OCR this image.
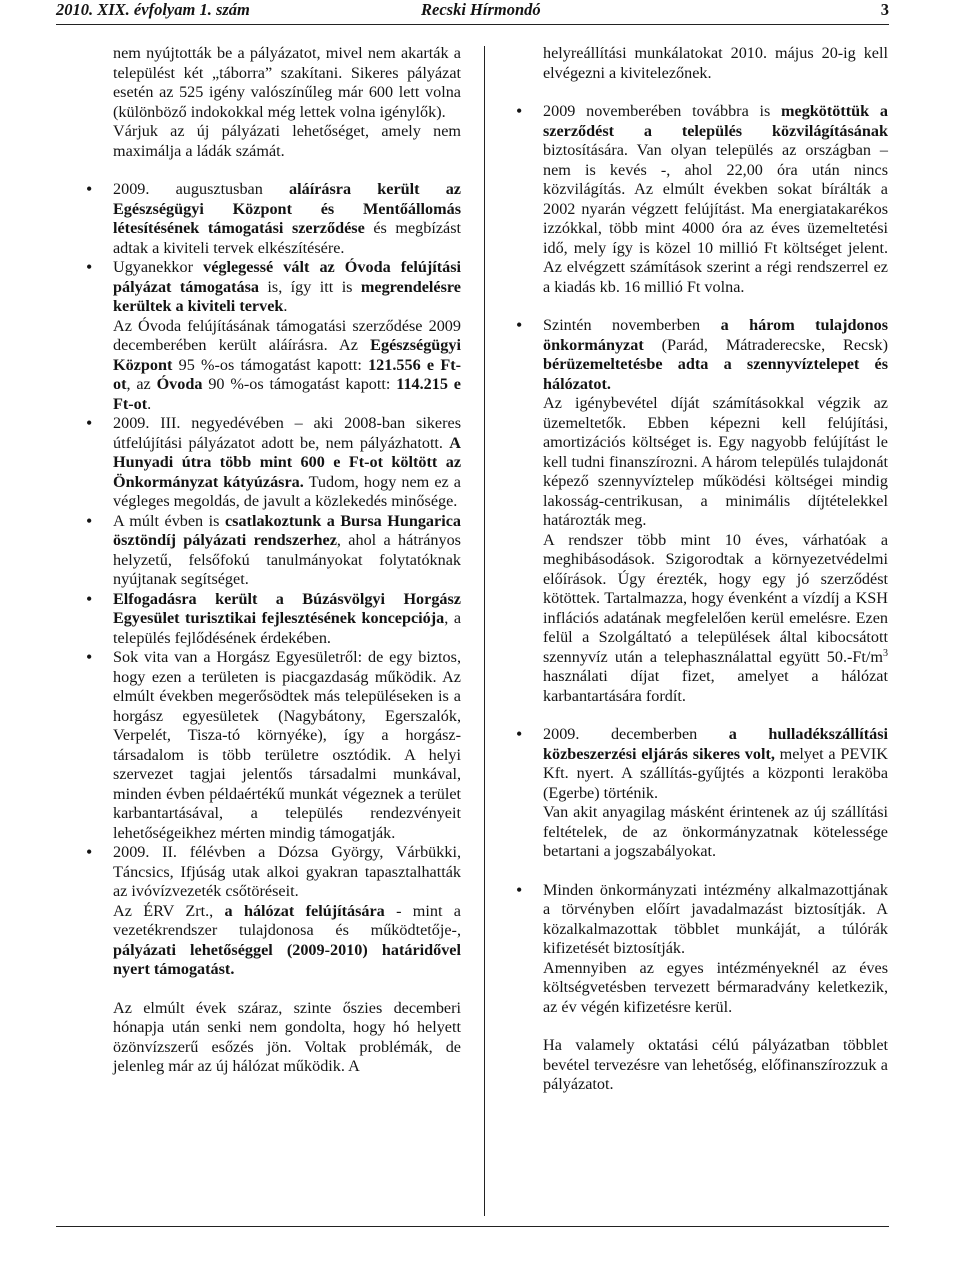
2010. XIX. évfolyam 1. szám	Recski Hírmondó	3

nem nyújtották be a pályázatot, mivel nem akarták a települést két „táborra” szakítani. Sikeres pályázat esetén az 525 igény valószínűleg már 600 lett volna (különböző indokokkal még lettek volna igénylők).

Várjuk az új pályázati lehetőséget, amely nem maximálja a ládák számát.

• 2009. augusztusban aláírásra került az Egészségügyi Központ és Mentőállomás létesítésének támogatási szerződése és megbízást adtak a kiviteli tervek elkészítésére.
• Ugyanekkor véglegessé vált az Óvoda felújítási pályázat támogatása is, így itt is megrendelésre kerültek a kiviteli tervek.

Az Óvoda felújításának támogatási szerződése 2009 decemberében került aláírásra. Az Egészségügyi Központ 95 %-os támogatást kapott: 121.556 e Ft-ot, az Óvoda 90 %-os támogatást kapott: 114.215 e Ft-ot.

• 2009. III. negyedévében – aki 2008-ban sikeres útfelújítási pályázatot adott be, nem pályázhatott. A Hunyadi útra több mint 600 e Ft-ot költött az Önkormányzat kátyúzásra. Tudom, hogy nem ez a végleges megoldás, de javult a közlekedés minősége.
• A múlt évben is csatlakoztunk a Bursa Hungarica ösztöndíj pályázati rendszerhez, ahol a hátrányos helyzetű, felsőfokú tanulmányokat folytatóknak nyújtanak segítséget.
• Elfogadásra került a Búzásvölgyi Horgász Egyesület turisztikai fejlesztésének koncepciója, a település fejlődésének érdekében.
• Sok vita van a Horgász Egyesületről: de egy biztos, hogy ezen a területen is piacgazdaság működik. Az elmúlt években megerősödtek más településeken is a horgász egyesületek (Nagybátony, Egerszalók, Verpelét, Tisza-tó környéke), így a horgász-társadalom is több területre osztódik. A helyi szervezet tagjai jelentős társadalmi munkával, minden évben példaértékű munkát végeznek a terület karbantartásával, a település rendezvényeit lehetőségeikhez mérten mindig támogatják.
• 2009. II. félévben a Dózsa György, Várbükki, Táncsics, Ifjúság utak alkoi gyakran tapasztalhatták az ivóvízvezeték csőtöréseit.

Az ÉRV Zrt., a hálózat felújítására - mint a vezetékrendszer tulajdonosa és működtetője-, pályázati lehetőséggel (2009-2010) határidővel nyert támogatást.

Az elmúlt évek száraz, szinte őszies decemberi hónapja után senki nem gondolta, hogy hó helyett özönvízszerű esőzés jön. Voltak problémák, de jelenleg már az új hálózat működik. A

helyreállítási munkálatokat 2010. május 20-ig kell elvégezni a kivitelezőnek.

• 2009 novemberében továbbra is megkötöttük a szerződést a település közvilágításának biztosítására. Van olyan település az országban – nem is kevés -, ahol 22,00 óra után nincs közvilágítás. Az elmúlt években sokat bírálták a 2002 nyarán végzett felújítást. Ma energiatakarékos izzókkal, több mint 4000 óra az éves üzemeltetési idő, mely így is közel 10 millió Ft költséget jelent. Az elvégzett számítások szerint a régi rendszerrel ez a kiadás kb. 16 millió Ft volna.
• Szintén novemberben a három tulajdonos önkormányzat (Parád, Mátraderecske, Recsk) bérüzemeltetésbe adta a szennyvíztelepet és hálózatot.

Az igénybevétel díját számításokkal végzik az üzemeltetők. Ebben képezni kell felújítási, amortizációs költséget is. Egy nagyobb felújítást le kell tudni finanszírozni. A három település tulajdonát képező szennyvíztelep működési költségei mindig lakosság-centrikusan, a minimális díjtételekkel határozták meg.

A rendszer több mint 10 éves, várhatóak a meghibásodások. Szigorodtak a környezetvédelmi előírások. Úgy érezték, hogy egy jó szerződést kötöttek. Tartalmazza, hogy évenként a vízdíj a KSH inflációs adatának megfelelően kerül emelésre. Ezen felül a Szolgáltató a települések által kibocsátott szennyvíz után a telephasználattal együtt $50.-Ft/m^3$ használati díjat fizet, amelyet a hálózat karbantartására fordít.

• 2009. decemberben a hulladékszállítási közbeszerzési eljárás sikeres volt, melyet a PEVIK Kft. nyert. A szállítás-gyűjtés a központi leraköba (Egerbe) történik.

Van akit anyagilag másként érintenek az új szállítási feltételek, de az önkormányzatnak kötelessége betartani a jogszabályokat.

• Minden önkormányzati intézmény alkalmazottjának a törvényben előírt javadalmazást biztosítják. A közalkalmazottak többlet munkáját, a túlórák kifizetését biztosítják.

Amennyiben az egyes intézményeknél az éves költségvetésben tervezett bérmaradvány keletkezik, az év végén kifizetésre kerül.

Ha valamely oktatási célú pályázatban többlet bevétel tervezésre van lehetőség, előfinanszírozzuk a pályázatot.
